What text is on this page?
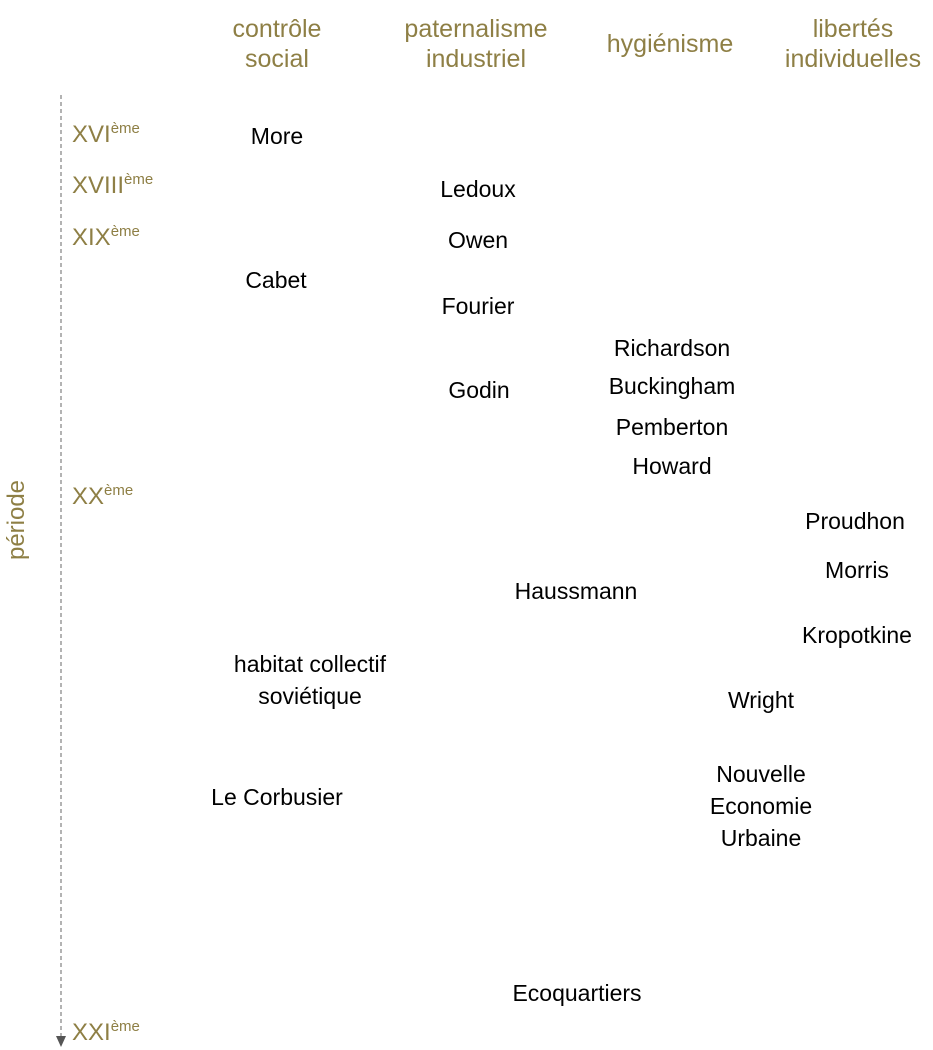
contrôle
social
paternalisme
industriel
hygiénisme
libertés
individuelles
période
XVIème
XVIIIème
XIXème
XXème
XXIème
More
Ledoux
Owen
Cabet
Fourier
Richardson
Godin	Buckingham
Pemberton
Howard
Proudhon
Morris
Haussmann
Kropotkine
habitat collectif
soviétique	Wright
Nouvelle
Economie
Urbaine
Le Corbusier
Ecoquartiers
